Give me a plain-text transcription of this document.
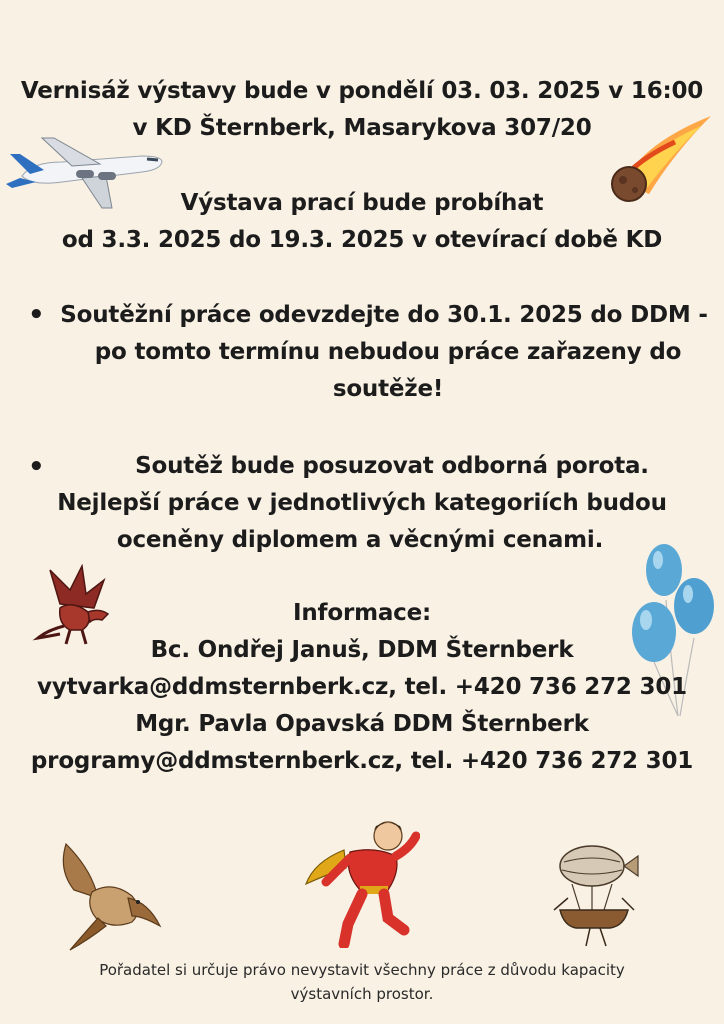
Vernisáž výstavy bude v pondělí 03. 03. 2025 v 16:00
v KD Šternberk, Masarykova 307/20
Výstava prací bude probíhat
od 3.3. 2025 do 19.3. 2025 v otevírací době KD
• Soutěžní práce odevzdejte do 30.1. 2025 do DDM -
po tomto termínu nebudou práce zařazeny do
soutěže!
•	Soutěž bude posuzovat odborná porota.
Nejlepší práce v jednotlivých kategoriích budou
oceněny diplomem a věcnými cenami.
Informace:
Bc. Ondřej Januš, DDM Šternberk
vytvarka@ddmsternberk.cz, tel. +420 736 272 301
Mgr. Pavla Opavská DDM Šternberk
programy@ddmsternberk.cz, tel. +420 736 272 301
Pořadatel si určuje právo nevystavit všechny práce z důvodu kapacity
výstavních prostor.
